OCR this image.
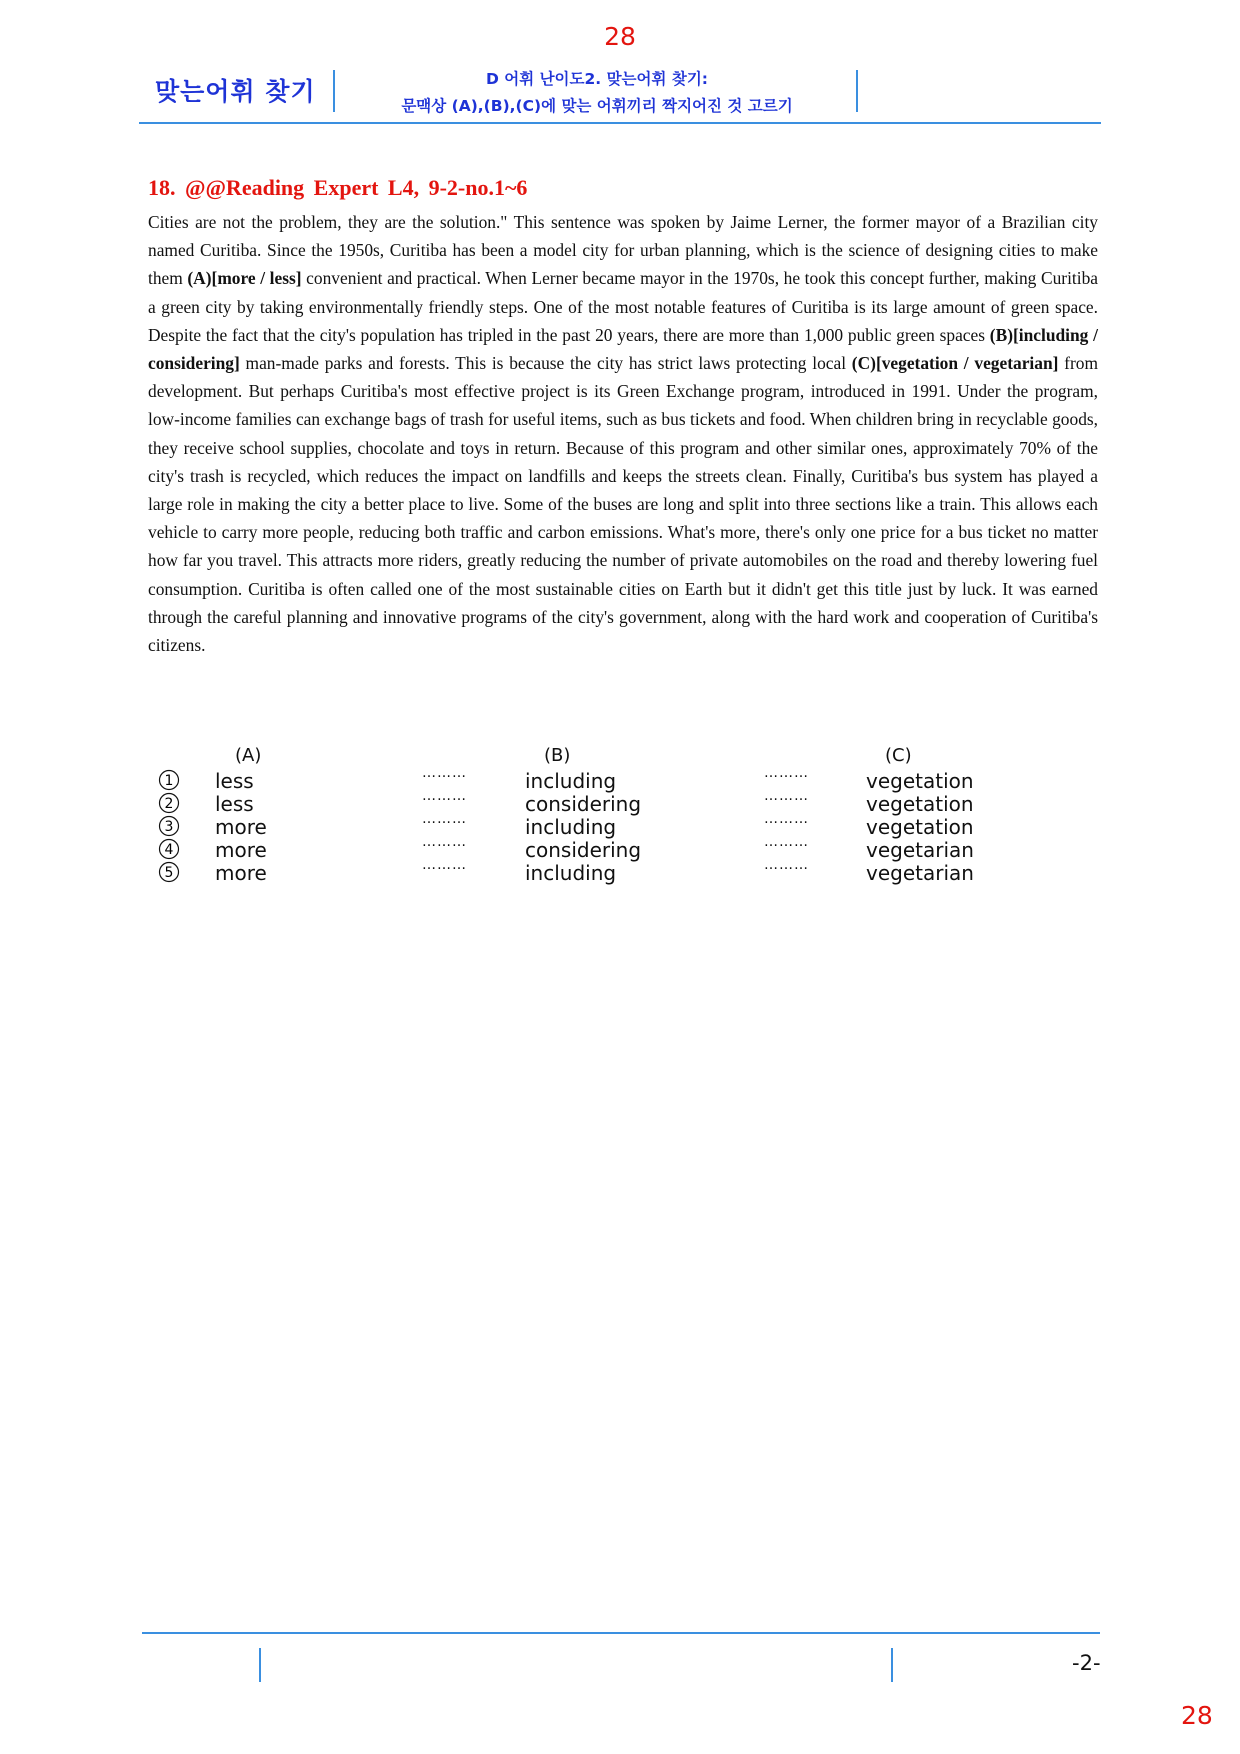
28
맞는어휘 찾기	D 어휘 난이도2. 맞는어휘 찾기:
문맥상 (A),(B),(C)에 맞는 어휘끼리 짝지어진 것 고르기
18. @@Reading Expert L4, 9-2-no.1~6
Cities are not the problem, they are the solution." This sentence was spoken by Jaime Lerner, the former mayor of a Brazilian city named Curitiba. Since the 1950s, Curitiba has been a model city for urban planning, which is the science of designing cities to make them (A)[more / less] convenient and practical. When Lerner became mayor in the 1970s, he took this concept further, making Curitiba a green city by taking environmentally friendly steps. One of the most notable features of Curitiba is its large amount of green space. Despite the fact that the city's population has tripled in the past 20 years, there are more than 1,000 public green spaces (B)[including / considering] man-made parks and forests. This is because the city has strict laws protecting local (C)[vegetation / vegetarian] from development. But perhaps Curitiba's most effective project is its Green Exchange program, introduced in 1991. Under the program, low-income families can exchange bags of trash for useful items, such as bus tickets and food. When children bring in recyclable goods, they receive school supplies, chocolate and toys in return. Because of this program and other similar ones, approximately 70% of the city's trash is recycled, which reduces the impact on landfills and keeps the streets clean. Finally, Curitiba's bus system has played a large role in making the city a better place to live. Some of the buses are long and split into three sections like a train. This allows each vehicle to carry more people, reducing both traffic and carbon emissions. What's more, there's only one price for a bus ticket no matter how far you travel. This attracts more riders, greatly reducing the number of private automobiles on the road and thereby lowering fuel consumption. Curitiba is often called one of the most sustainable cities on Earth but it didn't get this title just by luck. It was earned through the careful planning and innovative programs of the city's government, along with the hard work and cooperation of Curitiba's citizens.
(A)	(B)	(C)
1 less	………	including	………	vegetation
2 less	………	considering	………	vegetation
3 more	………	including	………	vegetation
4 more	………	considering	………	vegetarian
5 more	………	including	………	vegetarian
-2-
28
